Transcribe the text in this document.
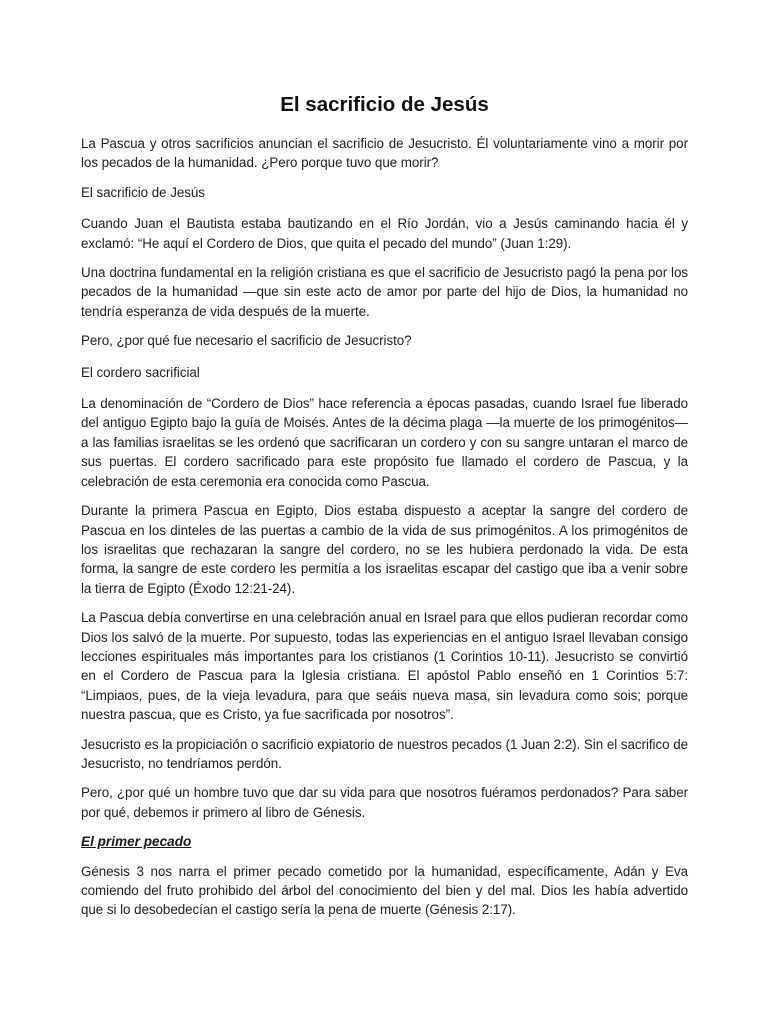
El sacrificio de Jesús

La Pascua y otros sacrificios anuncian el sacrificio de Jesucristo. Él voluntariamente vino a morir por los pecados de la humanidad. ¿Pero porque tuvo que morir?

El sacrificio de Jesús

Cuando Juan el Bautista estaba bautizando en el Río Jordán, vio a Jesús caminando hacia él y exclamó: “He aquí el Cordero de Dios, que quita el pecado del mundo” (Juan 1:29).

Una doctrina fundamental en la religión cristiana es que el sacrificio de Jesucristo pagó la pena por los pecados de la humanidad —que sin este acto de amor por parte del hijo de Dios, la humanidad no tendría esperanza de vida después de la muerte.

Pero, ¿por qué fue necesario el sacrificio de Jesucristo?

El cordero sacrificial

La denominación de “Cordero de Dios” hace referencia a épocas pasadas, cuando Israel fue liberado del antiguo Egipto bajo la guía de Moisés. Antes de la décima plaga —la muerte de los primogénitos— a las familias israelitas se les ordenó que sacrificaran un cordero y con su sangre untaran el marco de sus puertas. El cordero sacrificado para este propósito fue llamado el cordero de Pascua, y la celebración de esta ceremonia era conocida como Pascua.

Durante la primera Pascua en Egipto, Dios estaba dispuesto a aceptar la sangre del cordero de Pascua en los dinteles de las puertas a cambio de la vida de sus primogénitos. A los primogénitos de los israelitas que rechazaran la sangre del cordero, no se les hubiera perdonado la vida. De esta forma, la sangre de este cordero les permitía a los israelitas escapar del castigo que iba a venir sobre la tierra de Egipto (Éxodo 12:21-24).

La Pascua debía convertirse en una celebración anual en Israel para que ellos pudieran recordar como Dios los salvó de la muerte. Por supuesto, todas las experiencias en el antiguo Israel llevaban consigo lecciones espirituales más importantes para los cristianos (1 Corintios 10-11). Jesucristo se convirtió en el Cordero de Pascua para la Iglesia cristiana. El apóstol Pablo enseñó en 1 Corintios 5:7: “Limpiaos, pues, de la vieja levadura, para que seáis nueva masa, sin levadura como sois; porque nuestra pascua, que es Cristo, ya fue sacrificada por nosotros”.

Jesucristo es la propiciación o sacrificio expiatorio de nuestros pecados (1 Juan 2:2). Sin el sacrifico de Jesucristo, no tendríamos perdón.

Pero, ¿por qué un hombre tuvo que dar su vida para que nosotros fuéramos perdonados? Para saber por qué, debemos ir primero al libro de Génesis.

El primer pecado

Génesis 3 nos narra el primer pecado cometido por la humanidad, específicamente, Adán y Eva comiendo del fruto prohibido del árbol del conocimiento del bien y del mal. Dios les había advertido que si lo desobedecían el castigo sería la pena de muerte (Génesis 2:17).
